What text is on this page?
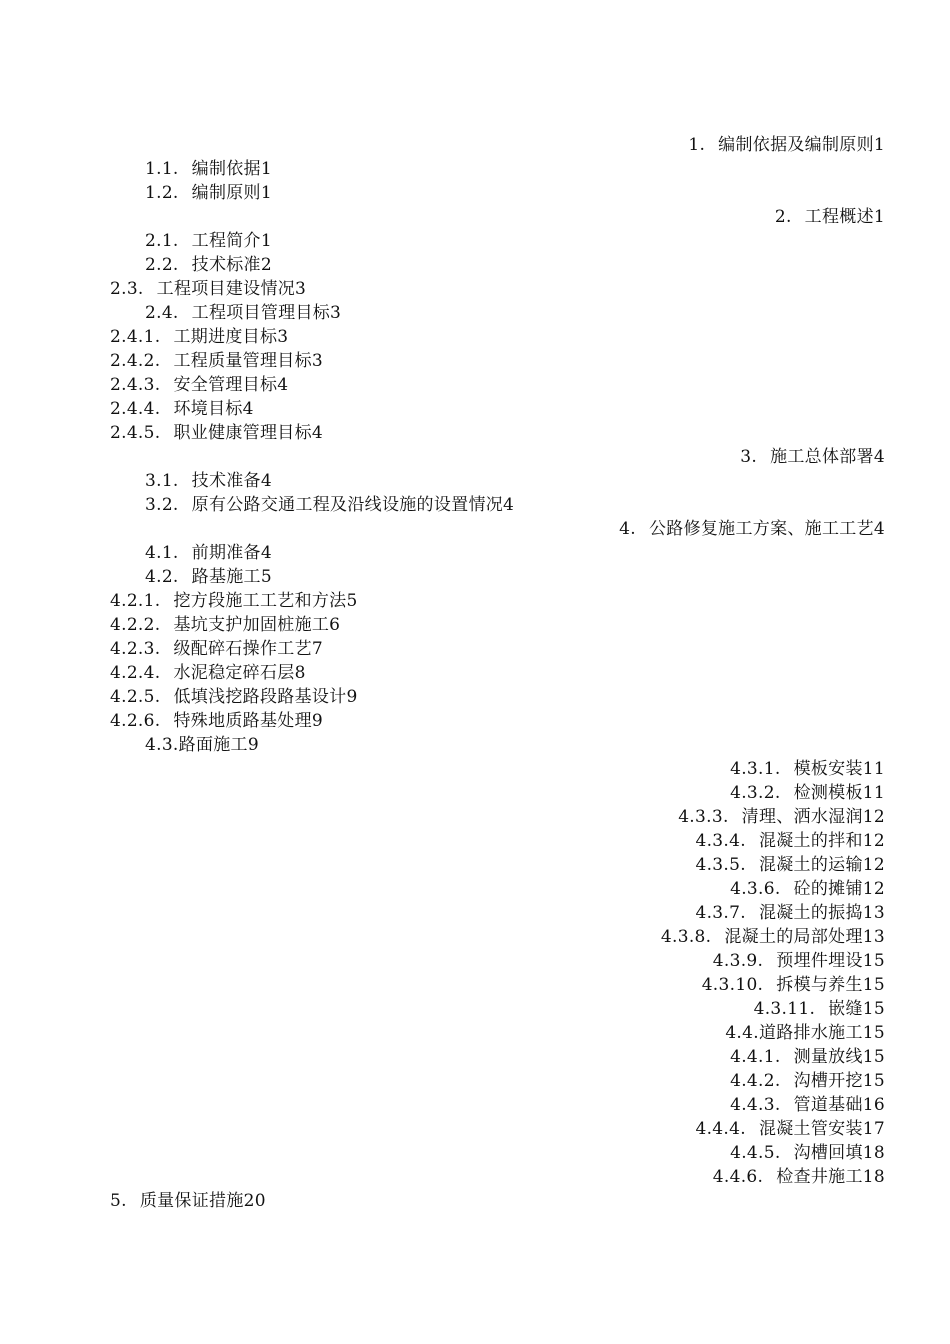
1. 编制依据及编制原则1
1.1. 编制依据1
1.2. 编制原则1
2. 工程概述1
2.1. 工程简介1
2.2. 技术标准2
2.3. 工程项目建设情况3
2.4. 工程项目管理目标3
2.4.1. 工期进度目标3
2.4.2. 工程质量管理目标3
2.4.3. 安全管理目标4
2.4.4. 环境目标4
2.4.5. 职业健康管理目标4
3. 施工总体部署4
3.1. 技术准备4
3.2. 原有公路交通工程及沿线设施的设置情况4
4. 公路修复施工方案、施工工艺4
4.1. 前期准备4
4.2. 路基施工5
4.2.1. 挖方段施工工艺和方法5
4.2.2. 基坑支护加固桩施工6
4.2.3. 级配碎石操作工艺7
4.2.4. 水泥稳定碎石层8
4.2.5. 低填浅挖路段路基设计9
4.2.6. 特殊地质路基处理9
4.3.路面施工9
4.3.1. 模板安装11
4.3.2. 检测模板11
4.3.3. 清理、洒水湿润12
4.3.4. 混凝土的拌和12
4.3.5. 混凝土的运输12
4.3.6. 砼的摊铺12
4.3.7. 混凝土的振捣13
4.3.8. 混凝土的局部处理13
4.3.9. 预埋件埋设15
4.3.10. 拆模与养生15
4.3.11. 嵌缝15
4.4.道路排水施工15
4.4.1. 测量放线15
4.4.2. 沟槽开挖15
4.4.3. 管道基础16
4.4.4. 混凝土管安装17
4.4.5. 沟槽回填18
4.4.6. 检查井施工18
5. 质量保证措施20
